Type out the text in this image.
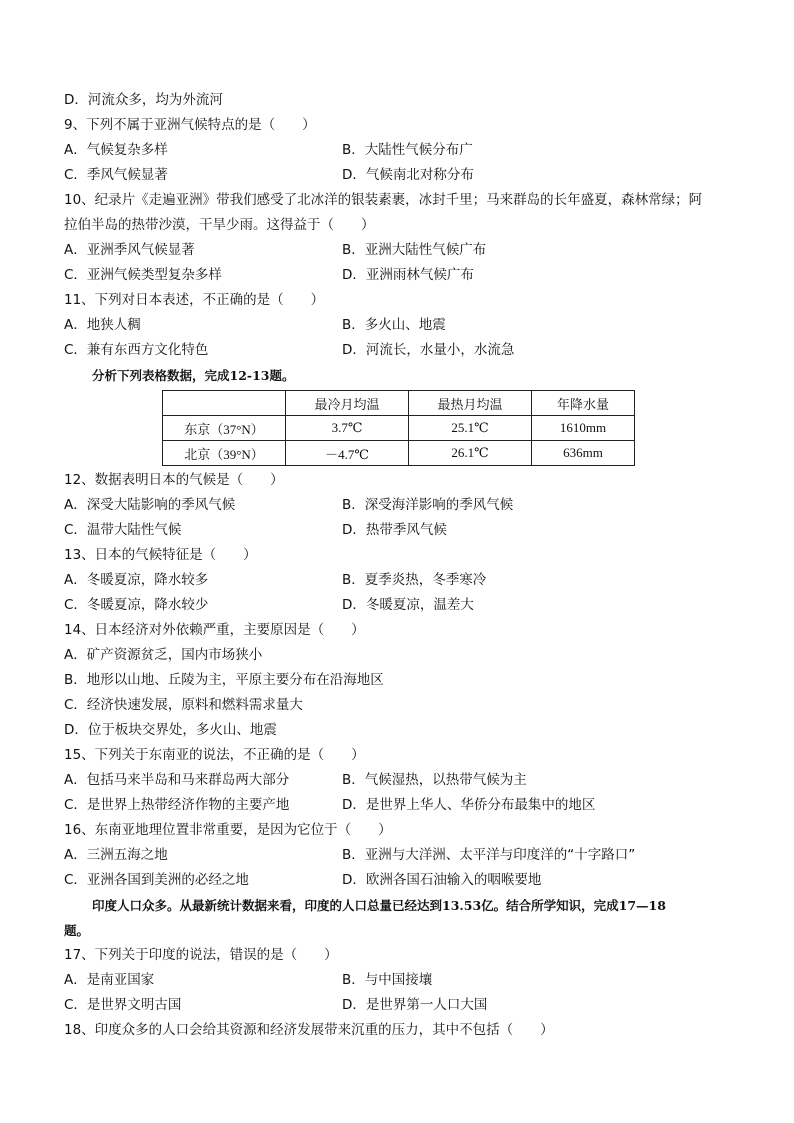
D．河流众多，均为外流河
9、下列不属于亚洲气候特点的是（　　）
A．气候复杂多样	B．大陆性气候分布广
C．季风气候显著	D．气候南北对称分布
10、纪录片《走遍亚洲》带我们感受了北冰洋的银装素裹，冰封千里；马来群岛的长年盛夏，森林常绿；阿
拉伯半岛的热带沙漠，干旱少雨。这得益于（　　）
A．亚洲季风气候显著	B．亚洲大陆性气候广布
C．亚洲气候类型复杂多样	D．亚洲雨林气候广布
11、下列对日本表述，不正确的是（　　）
A．地狭人稠	B．多火山、地震
C．兼有东西方文化特色	D．河流长，水量小，水流急
分析下列表格数据，完成12-13题。
	最冷月均温	最热月均温	年降水量
东京（37°N）	3.7℃	25.1℃	1610mm
北京（39°N）	－4.7℃	26.1℃	636mm
12、数据表明日本的气候是（　　）
A．深受大陆影响的季风气候	B．深受海洋影响的季风气候
C．温带大陆性气候	D．热带季风气候
13、日本的气候特征是（　　）
A．冬暖夏凉，降水较多	B．夏季炎热，冬季寒冷
C．冬暖夏凉，降水较少	D．冬暖夏凉，温差大
14、日本经济对外依赖严重，主要原因是（　　）
A．矿产资源贫乏，国内市场狭小
B．地形以山地、丘陵为主，平原主要分布在沿海地区
C．经济快速发展，原料和燃料需求量大
D．位于板块交界处，多火山、地震
15、下列关于东南亚的说法，不正确的是（　　）
A．包括马来半岛和马来群岛两大部分	B．气候湿热，以热带气候为主
C．是世界上热带经济作物的主要产地	D．是世界上华人、华侨分布最集中的地区
16、东南亚地理位置非常重要，是因为它位于（　　）
A．三洲五海之地	B．亚洲与大洋洲、太平洋与印度洋的“十字路口”
C．亚洲各国到美洲的必经之地	D．欧洲各国石油输入的咽喉要地
印度人口众多。从最新统计数据来看，印度的人口总量已经达到13.53亿。结合所学知识，完成17—18
题。
17、下列关于印度的说法，错误的是（　　）
A．是南亚国家	B．与中国接壤
C．是世界文明古国	D．是世界第一人口大国
18、印度众多的人口会给其资源和经济发展带来沉重的压力，其中不包括（　　）
